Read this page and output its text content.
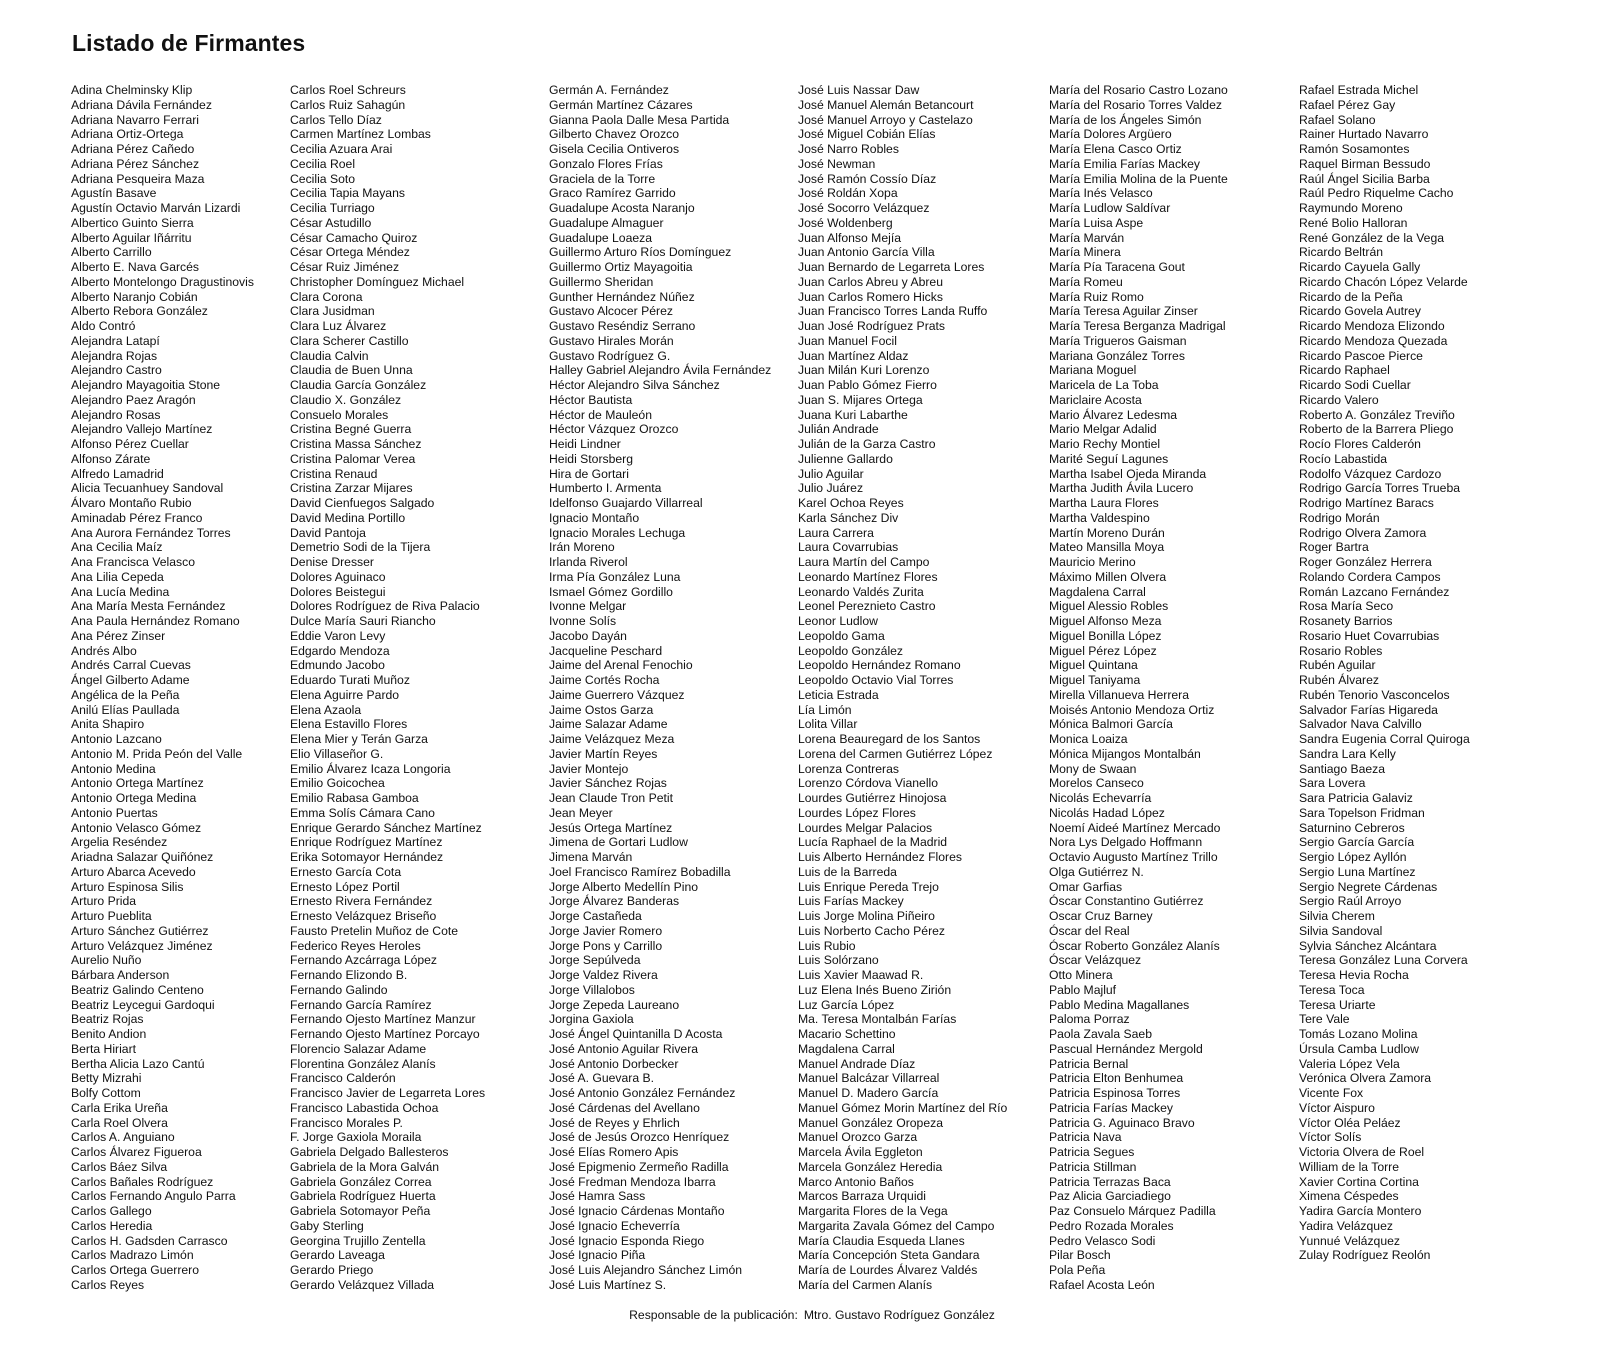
Listado de Firmantes
Adina Chelminsky Klip
Adriana Dávila Fernández
Adriana Navarro Ferrari
Adriana Ortiz-Ortega
Adriana Pérez Cañedo
Adriana Pérez Sánchez
Adriana Pesqueira Maza
Agustín Basave
Agustín Octavio Marván Lizardi
Albertico Guinto Sierra
Alberto Aguilar Iñárritu
Alberto Carrillo
Alberto E. Nava Garcés
Alberto Montelongo Dragustinovis
Alberto Naranjo Cobián
Alberto Rebora González
Aldo Contró
Alejandra Latapí
Alejandra Rojas
Alejandro Castro
Alejandro Mayagoitia Stone
Alejandro Paez Aragón
Alejandro Rosas
Alejandro Vallejo Martínez
Alfonso Pérez Cuellar
Alfonso Zárate
Alfredo Lamadrid
Alicia Tecuanhuey Sandoval
Álvaro Montaño Rubio
Aminadab Pérez Franco
Ana Aurora Fernández Torres
Ana Cecilia Maíz
Ana Francisca Velasco
Ana Lilia Cepeda
Ana Lucía Medina
Ana María Mesta Fernández
Ana Paula Hernández Romano
Ana Pérez Zinser
Andrés Albo
Andrés Carral Cuevas
Ángel Gilberto Adame
Angélica de la Peña
Anilú Elías Paullada
Anita Shapiro
Antonio Lazcano
Antonio M. Prida Peón del Valle
Antonio Medina
Antonio Ortega Martínez
Antonio Ortega Medina
Antonio Puertas
Antonio Velasco Gómez
Argelia Reséndez
Ariadna Salazar Quiñónez
Arturo Abarca Acevedo
Arturo Espinosa Silis
Arturo Prida
Arturo Pueblita
Arturo Sánchez Gutiérrez
Arturo Velázquez Jiménez
Aurelio Nuño
Bárbara Anderson
Beatriz Galindo Centeno
Beatriz Leycegui Gardoqui
Beatriz Rojas
Benito Andion
Berta Hiriart
Bertha Alicia Lazo Cantú
Betty Mizrahi
Bolfy Cottom
Carla Erika Ureña
Carla Roel Olvera
Carlos A. Anguiano
Carlos Álvarez Figueroa
Carlos Báez Silva
Carlos Bañales Rodríguez
Carlos Fernando Angulo Parra
Carlos Gallego
Carlos Heredia
Carlos H. Gadsden Carrasco
Carlos Madrazo Limón
Carlos Ortega Guerrero
Carlos Reyes
Carlos Roel Schreurs
Carlos Ruiz Sahagún
Carlos Tello Díaz
Carmen Martínez Lombas
Cecilia Azuara Arai
Cecilia Roel
Cecilia Soto
Cecilia Tapia Mayans
Cecilia Turriago
César Astudillo
César Camacho Quiroz
César Ortega Méndez
César Ruiz Jiménez
Christopher Domínguez Michael
Clara Corona
Clara Jusidman
Clara Luz Álvarez
Clara Scherer Castillo
Claudia Calvin
Claudia de Buen Unna
Claudia García González
Claudio X. González
Consuelo Morales
Cristina Begné Guerra
Cristina Massa Sánchez
Cristina Palomar Verea
Cristina Renaud
Cristina Zarzar Mijares
David Cienfuegos Salgado
David Medina Portillo
David Pantoja
Demetrio Sodi de la Tijera
Denise Dresser
Dolores Aguinaco
Dolores Beistegui
Dolores Rodríguez de Riva Palacio
Dulce María Sauri Riancho
Eddie Varon Levy
Edgardo Mendoza
Edmundo Jacobo
Eduardo Turati Muñoz
Elena Aguirre Pardo
Elena Azaola
Elena Estavillo Flores
Elena Mier y Terán Garza
Elio Villaseñor G.
Emilio Álvarez Icaza Longoria
Emilio Goicochea
Emilio Rabasa Gamboa
Emma Solís Cámara Cano
Enrique Gerardo Sánchez Martínez
Enrique Rodríguez Martínez
Erika Sotomayor Hernández
Ernesto García Cota
Ernesto López Portil
Ernesto Rivera Fernández
Ernesto Velázquez Briseño
Fausto Pretelin Muñoz de Cote
Federico Reyes Heroles
Fernando Azcárraga López
Fernando Elizondo B.
Fernando Galindo
Fernando García Ramírez
Fernando Ojesto Martínez Manzur
Fernando Ojesto Martínez Porcayo
Florencio Salazar Adame
Florentina González Alanís
Francisco Calderón
Francisco Javier de Legarreta Lores
Francisco Labastida Ochoa
Francisco Morales P.
F. Jorge Gaxiola Moraila
Gabriela Delgado Ballesteros
Gabriela de la Mora Galván
Gabriela González Correa
Gabriela Rodríguez Huerta
Gabriela Sotomayor Peña
Gaby Sterling
Georgina Trujillo Zentella
Gerardo Laveaga
Gerardo Priego
Gerardo Velázquez Villada
Germán A. Fernández
Germán Martínez Cázares
Gianna Paola Dalle Mesa Partida
Gilberto Chavez Orozco
Gisela Cecilia Ontiveros
Gonzalo Flores Frías
Graciela de la Torre
Graco Ramírez Garrido
Guadalupe Acosta Naranjo
Guadalupe Almaguer
Guadalupe Loaeza
Guillermo Arturo Ríos Domínguez
Guillermo Ortiz Mayagoitia
Guillermo Sheridan
Gunther Hernández Núñez
Gustavo Alcocer Pérez
Gustavo Reséndiz Serrano
Gustavo Hirales Morán
Gustavo Rodríguez G.
Halley Gabriel Alejandro Ávila Fernández
Héctor Alejandro Silva Sánchez
Héctor Bautista
Héctor de Mauleón
Héctor Vázquez Orozco
Heidi Lindner
Heidi Storsberg
Hira de Gortari
Humberto I. Armenta
Idelfonso Guajardo Villarreal
Ignacio Montaño
Ignacio Morales Lechuga
Irán Moreno
Irlanda Riverol
Irma Pía González Luna
Ismael Gómez Gordillo
Ivonne Melgar
Ivonne Solís
Jacobo Dayán
Jacqueline Peschard
Jaime del Arenal Fenochio
Jaime Cortés Rocha
Jaime Guerrero Vázquez
Jaime Ostos Garza
Jaime Salazar Adame
Jaime Velázquez Meza
Javier Martín Reyes
Javier Montejo
Javier Sánchez Rojas
Jean Claude Tron Petit
Jean Meyer
Jesús Ortega Martínez
Jimena de Gortari Ludlow
Jimena Marván
Joel Francisco Ramírez Bobadilla
Jorge Alberto Medellín Pino
Jorge Álvarez Banderas
Jorge Castañeda
Jorge Javier Romero
Jorge Pons y Carrillo
Jorge Sepúlveda
Jorge Valdez Rivera
Jorge Villalobos
Jorge Zepeda Laureano
Jorgina Gaxiola
José Ángel Quintanilla D Acosta
José Antonio Aguilar Rivera
José Antonio Dorbecker
José A. Guevara B.
José Antonio González Fernández
José Cárdenas del Avellano
José de Reyes y Ehrlich
José de Jesús Orozco Henríquez
José Elías Romero Apis
José Epigmenio Zermeño Radilla
José Fredman Mendoza Ibarra
José Hamra Sass
José Ignacio Cárdenas Montaño
José Ignacio Echeverría
José Ignacio Esponda Riego
José Ignacio Piña
José Luis Alejandro Sánchez Limón
José Luis Martínez S.
José Luis Nassar Daw
José Manuel Alemán Betancourt
José Manuel Arroyo y Castelazo
José Miguel Cobián Elías
José Narro Robles
José Newman
José Ramón Cossío Díaz
José Roldán Xopa
José Socorro Velázquez
José Woldenberg
Juan Alfonso Mejía
Juan Antonio García Villa
Juan Bernardo de Legarreta Lores
Juan Carlos Abreu y Abreu
Juan Carlos Romero Hicks
Juan Francisco Torres Landa Ruffo
Juan José Rodríguez Prats
Juan Manuel Focil
Juan Martínez Aldaz
Juan Milán Kuri Lorenzo
Juan Pablo Gómez Fierro
Juan S. Mijares Ortega
Juana Kuri Labarthe
Julián Andrade
Julián de la Garza Castro
Julienne Gallardo
Julio Aguilar
Julio Juárez
Karel Ochoa Reyes
Karla Sánchez Div
Laura Carrera
Laura Covarrubias
Laura Martín del Campo
Leonardo Martínez Flores
Leonardo Valdés Zurita
Leonel Pereznieto Castro
Leonor Ludlow
Leopoldo Gama
Leopoldo González
Leopoldo Hernández Romano
Leopoldo Octavio Vial Torres
Leticia Estrada
Lía Limón
Lolita Villar
Lorena Beauregard de los Santos
Lorena del Carmen Gutiérrez López
Lorenza Contreras
Lorenzo Córdova Vianello
Lourdes Gutiérrez Hinojosa
Lourdes López Flores
Lourdes Melgar Palacios
Lucía Raphael de la Madrid
Luis Alberto Hernández Flores
Luis de la Barreda
Luis Enrique Pereda Trejo
Luis Farías Mackey
Luis Jorge Molina Piñeiro
Luis Norberto Cacho Pérez
Luis Rubio
Luis Solórzano
Luis Xavier Maawad R.
Luz Elena Inés Bueno Zirión
Luz García López
Ma. Teresa Montalbán Farías
Macario Schettino
Magdalena Carral
Manuel Andrade Díaz
Manuel Balcázar Villarreal
Manuel D. Madero García
Manuel Gómez Morin Martínez del Río
Manuel González Oropeza
Manuel Orozco Garza
Marcela Ávila Eggleton
Marcela González Heredia
Marco Antonio Baños
Marcos Barraza Urquidi
Margarita Flores de la Vega
Margarita Zavala Gómez del Campo
María Claudia Esqueda Llanes
María Concepción Steta Gandara
María de Lourdes Álvarez Valdés
María del Carmen Alanís
María del Rosario Castro Lozano
María del Rosario Torres Valdez
María de los Ángeles Simón
María Dolores Argüero
María Elena Casco Ortiz
María Emilia Farías Mackey
María Emilia Molina de la Puente
María Inés Velasco
María Ludlow Saldívar
María Luisa Aspe
María Marván
María Minera
María Pía Taracena Gout
María Romeu
María Ruiz Romo
María Teresa Aguilar Zinser
María Teresa Berganza Madrigal
María Trigueros Gaisman
Mariana González Torres
Mariana Moguel
Maricela de La Toba
Mariclaire Acosta
Mario Álvarez Ledesma
Mario Melgar Adalid
Mario Rechy Montiel
Marité Seguí Lagunes
Martha Isabel Ojeda Miranda
Martha Judith Ávila Lucero
Martha Laura Flores
Martha Valdespino
Martín Moreno Durán
Mateo Mansilla Moya
Mauricio Merino
Máximo Millen Olvera
Magdalena Carral
Miguel Alessio Robles
Miguel Alfonso Meza
Miguel Bonilla López
Miguel Pérez López
Miguel Quintana
Miguel Taniyama
Mirella Villanueva Herrera
Moisés Antonio Mendoza Ortiz
Mónica Balmori García
Monica Loaiza
Mónica Mijangos Montalbán
Mony de Swaan
Morelos Canseco
Nicolás Echevarría
Nicolás Hadad López
Noemí Aideé Martínez Mercado
Nora Lys Delgado Hoffmann
Octavio Augusto Martínez Trillo
Olga Gutiérrez N.
Omar Garfias
Óscar Constantino Gutiérrez
Oscar Cruz Barney
Óscar del Real
Óscar Roberto González Alanís
Óscar Velázquez
Otto Minera
Pablo Majluf
Pablo Medina Magallanes
Paloma Porraz
Paola Zavala Saeb
Pascual Hernández Mergold
Patricia Bernal
Patricia Elton Benhumea
Patricia Espinosa Torres
Patricia Farías Mackey
Patricia G. Aguinaco Bravo
Patricia Nava
Patricia Segues
Patricia Stillman
Patricia Terrazas Baca
Paz Alicia Garciadiego
Paz Consuelo Márquez Padilla
Pedro Rozada Morales
Pedro Velasco Sodi
Pilar Bosch
Pola Peña
Rafael Acosta León
Rafael Estrada Michel
Rafael Pérez Gay
Rafael Solano
Rainer Hurtado Navarro
Ramón Sosamontes
Raquel Birman Bessudo
Raúl Ángel Sicilia Barba
Raúl Pedro Riquelme Cacho
Raymundo Moreno
René Bolio Halloran
René González de la Vega
Ricardo Beltrán
Ricardo Cayuela Gally
Ricardo Chacón López Velarde
Ricardo de la Peña
Ricardo Govela Autrey
Ricardo Mendoza Elizondo
Ricardo Mendoza Quezada
Ricardo Pascoe Pierce
Ricardo Raphael
Ricardo Sodi Cuellar
Ricardo Valero
Roberto A. González Treviño
Roberto de la Barrera Pliego
Rocío Flores Calderón
Rocío Labastida
Rodolfo Vázquez Cardozo
Rodrigo García Torres Trueba
Rodrigo Martínez Baracs
Rodrigo Morán
Rodrigo Olvera Zamora
Roger Bartra
Roger González Herrera
Rolando Cordera Campos
Román Lazcano Fernández
Rosa María Seco
Rosanety Barrios
Rosario Huet Covarrubias
Rosario Robles
Rubén Aguilar
Rubén Álvarez
Rubén Tenorio Vasconcelos
Salvador Farías Higareda
Salvador Nava Calvillo
Sandra Eugenia Corral Quiroga
Sandra Lara Kelly
Santiago Baeza
Sara Lovera
Sara Patricia Galaviz
Sara Topelson Fridman
Saturnino Cebreros
Sergio García García
Sergio López Ayllón
Sergio Luna Martínez
Sergio Negrete Cárdenas
Sergio Raúl Arroyo
Silvia Cherem
Silvia Sandoval
Sylvia Sánchez Alcántara
Teresa González Luna Corvera
Teresa Hevia Rocha
Teresa Toca
Teresa Uriarte
Tere Vale
Tomás Lozano Molina
Úrsula Camba Ludlow
Valeria López Vela
Verónica Olvera Zamora
Vicente Fox
Víctor Aispuro
Víctor Oléa Peláez
Víctor Solís
Victoria Olvera de Roel
William de la Torre
Xavier Cortina Cortina
Ximena Céspedes
Yadira García Montero
Yadira Velázquez
Yunnué Velázquez
Zulay Rodríguez Reolón
Responsable de la publicación: Mtro. Gustavo Rodríguez González
